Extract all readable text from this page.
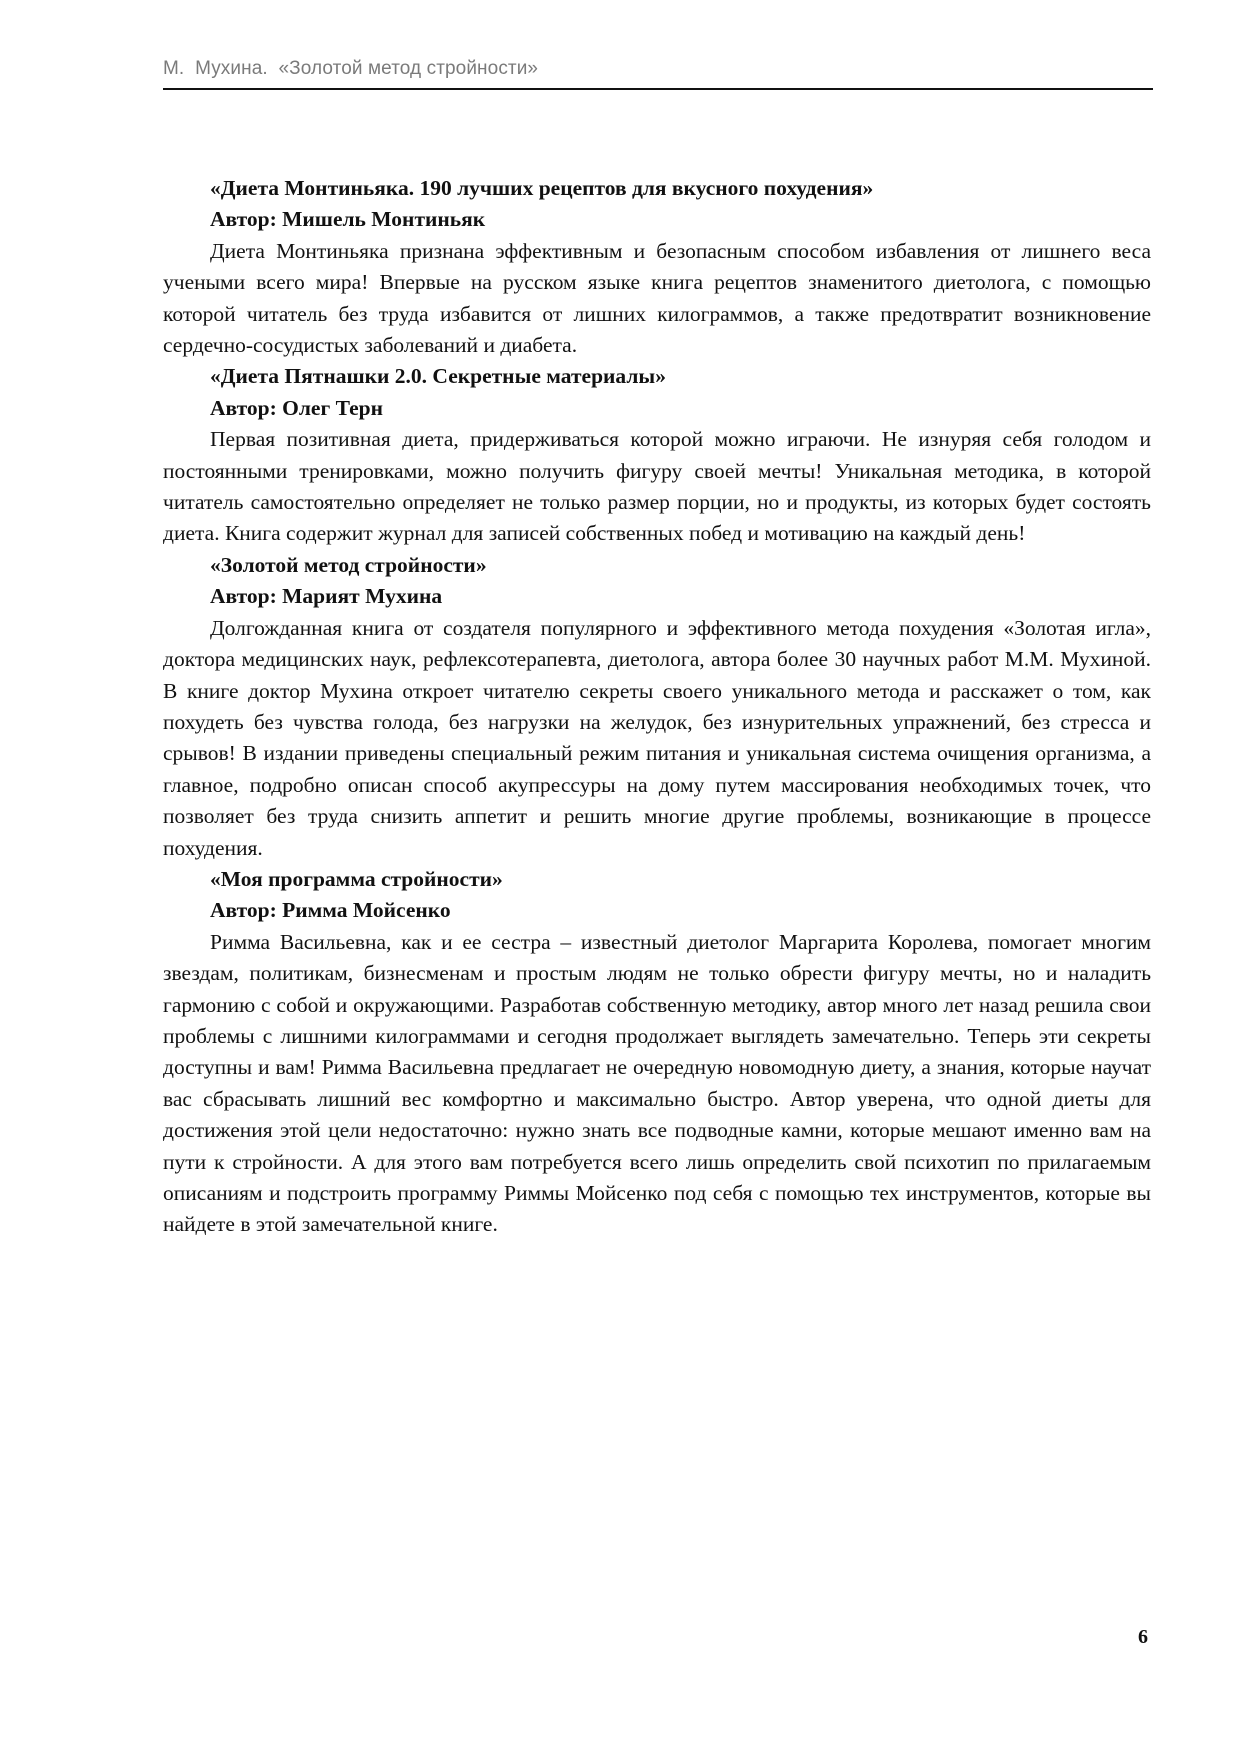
М.  Мухина.  «Золотой метод стройности»

«Диета Монтиньяка. 190 лучших рецептов для вкусного похудения»

Автор: Мишель Монтиньяк

Диета Монтиньяка признана эффективным и безопасным способом избавления от лишнего веса учеными всего мира! Впервые на русском языке книга рецептов знаменитого диетолога, с помощью которой читатель без труда избавится от лишних килограммов, а также предотвратит возникновение сердечно-сосудистых заболеваний и диабета.

«Диета Пятнашки 2.0. Секретные материалы»

Автор: Олег Терн

Первая позитивная диета, придерживаться которой можно играючи. Не изнуряя себя голодом и постоянными тренировками, можно получить фигуру своей мечты! Уникальная методика, в которой читатель самостоятельно определяет не только размер порции, но и продукты, из которых будет состоять диета. Книга содержит журнал для записей собственных побед и мотивацию на каждый день!

«Золотой метод стройности»

Автор: Марият Мухина

Долгожданная книга от создателя популярного и эффективного метода похудения «Золотая игла», доктора медицинских наук, рефлексотерапевта, диетолога, автора более 30 научных работ М.М. Мухиной. В книге доктор Мухина откроет читателю секреты своего уникального метода и расскажет о том, как похудеть без чувства голода, без нагрузки на желудок, без изнурительных упражнений, без стресса и срывов! В издании приведены специальный режим питания и уникальная система очищения организма, а главное, подробно описан способ акупрессуры на дому путем массирования необходимых точек, что позволяет без труда снизить аппетит и решить многие другие проблемы, возникающие в процессе похудения.

«Моя программа стройности»

Автор: Римма Мойсенко

Римма Васильевна, как и ее сестра – известный диетолог Маргарита Королева, помогает многим звездам, политикам, бизнесменам и простым людям не только обрести фигуру мечты, но и наладить гармонию с собой и окружающими. Разработав собственную методику, автор много лет назад решила свои проблемы с лишними килограммами и сегодня продолжает выглядеть замечательно. Теперь эти секреты доступны и вам! Римма Васильевна предлагает не очередную новомодную диету, а знания, которые научат вас сбрасывать лишний вес комфортно и максимально быстро. Автор уверена, что одной диеты для достижения этой цели недостаточно: нужно знать все подводные камни, которые мешают именно вам на пути к стройности. А для этого вам потребуется всего лишь определить свой психотип по прилагаемым описаниям и подстроить программу Риммы Мойсенко под себя с помощью тех инструментов, которые вы найдете в этой замечательной книге.

6
